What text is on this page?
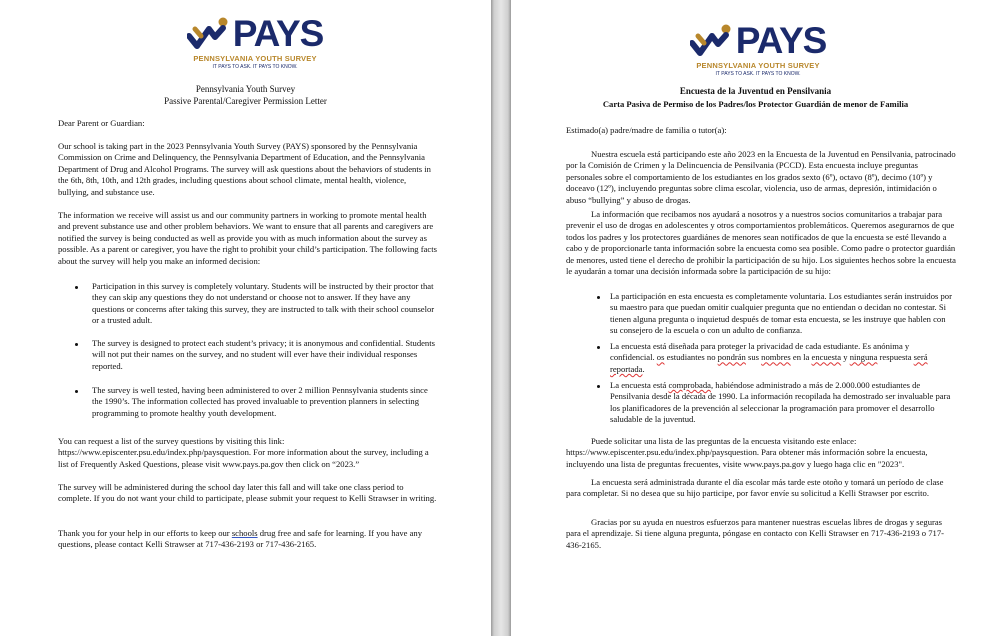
PAYS
PENNSYLVANIA YOUTH SURVEY
IT PAYS TO ASK. IT PAYS TO KNOW.
Pennsylvania Youth Survey
Passive Parental/Caregiver Permission Letter
Dear Parent or Guardian:
Our school is taking part in the 2023 Pennsylvania Youth Survey (PAYS) sponsored by the Pennsylvania Commission on Crime and Delinquency, the Pennsylvania Department of Education, and the Pennsylvania Department of Drug and Alcohol Programs. The survey will ask questions about the behaviors of students in the 6th, 8th, 10th, and 12th grades, including questions about school climate, mental health, violence, bullying, and substance use.
The information we receive will assist us and our community partners in working to promote mental health and prevent substance use and other problem behaviors. We want to ensure that all parents and caregivers are notified the survey is being conducted as well as provide you with as much information about the survey as possible. As a parent or caregiver, you have the right to prohibit your child’s participation. The following facts about the survey will help you make an informed decision:
Participation in this survey is completely voluntary. Students will be instructed by their proctor that they can skip any questions they do not understand or choose not to answer. If they have any questions or concerns after taking this survey, they are instructed to talk with their school counselor or a trusted adult.
The survey is designed to protect each student’s privacy; it is anonymous and confidential. Students will not put their names on the survey, and no student will ever have their individual responses reported.
The survey is well tested, having been administered to over 2 million Pennsylvania students since the 1990’s. The information collected has proved invaluable to prevention planners in selecting programming to promote healthy youth development.
You can request a list of the survey questions by visiting this link: https://www.episcenter.psu.edu/index.php/paysquestion. For more information about the survey, including a list of Frequently Asked Questions, please visit www.pays.pa.gov then click on “2023.”
The survey will be administered during the school day later this fall and will take one class period to complete. If you do not want your child to participate, please submit your request to Kelli Strawser in writing.
Thank you for your help in our efforts to keep our schools drug free and safe for learning. If you have any questions, please contact Kelli Strawser at 717-436-2193 or 717-436-2165.
PAYS
PENNSYLVANIA YOUTH SURVEY
IT PAYS TO ASK. IT PAYS TO KNOW.
Encuesta de la Juventud en Pensilvania
Carta Pasiva de Permiso de los Padres/los Protector Guardián de menor de Familia
Estimado(a) padre/madre de familia o tutor(a):
Nuestra escuela está participando este año 2023 en la Encuesta de la Juventud en Pensilvania, patrocinado por la Comisión de Crimen y la Delincuencia de Pensilvania (PCCD). Esta encuesta incluye preguntas personales sobre el comportamiento de los estudiantes en los grados sexto (6º), octavo (8º), decimo (10º) y doceavo (12º), incluyendo preguntas sobre clima escolar, violencia, uso de armas, depresión, intimidación o abuso “bullying” y abuso de drogas.
La información que recibamos nos ayudará a nosotros y a nuestros socios comunitarios a trabajar para prevenir el uso de drogas en adolescentes y otros comportamientos problemáticos. Queremos asegurarnos de que todos los padres y los protectores guardiánes de menores sean notificados de que la encuesta se esté llevando a cabo y de proporcionarle tanta información sobre la encuesta como sea posible. Como padre o protector guardián de menores, usted tiene el derecho de prohibir la participación de su hijo. Los siguientes hechos sobre la encuesta le ayudarán a tomar una decisión informada sobre la participación de su hijo:
La participación en esta encuesta es completamente voluntaria. Los estudiantes serán instruidos por su maestro para que puedan omitir cualquier pregunta que no entiendan o decidan no contestar. Si tienen alguna pregunta o inquietud después de tomar esta encuesta, se les instruye que hablen con su consejero de la escuela o con un adulto de confianza.
La encuesta está diseñada para proteger la privacidad de cada estudiante. Es anónima y confidencial. os estudiantes no pondrán sus nombres en la encuesta y ninguna respuesta será reportada.
La encuesta está comprobada, habiéndose administrado a más de 2.000.000 estudiantes de Pensilvania desde la década de 1990. La información recopilada ha demostrado ser invaluable para los planificadores de la prevención al seleccionar la programación para promover el desarrollo saludable de la juventud.
Puede solicitar una lista de las preguntas de la encuesta visitando este enlace: https://www.episcenter.psu.edu/index.php/paysquestion. Para obtener más información sobre la encuesta, incluyendo una lista de preguntas frecuentes, visite www.pays.pa.gov y luego haga clic en "2023".
La encuesta será administrada durante el día escolar más tarde este otoño y tomará un período de clase para completar. Si no desea que su hijo participe, por favor envíe su solicitud a Kelli Strawser por escrito.
Gracias por su ayuda en nuestros esfuerzos para mantener nuestras escuelas libres de drogas y seguras para el aprendizaje. Si tiene alguna pregunta, póngase en contacto con Kelli Strawser en 717-436-2193 o 717-436-2165.
